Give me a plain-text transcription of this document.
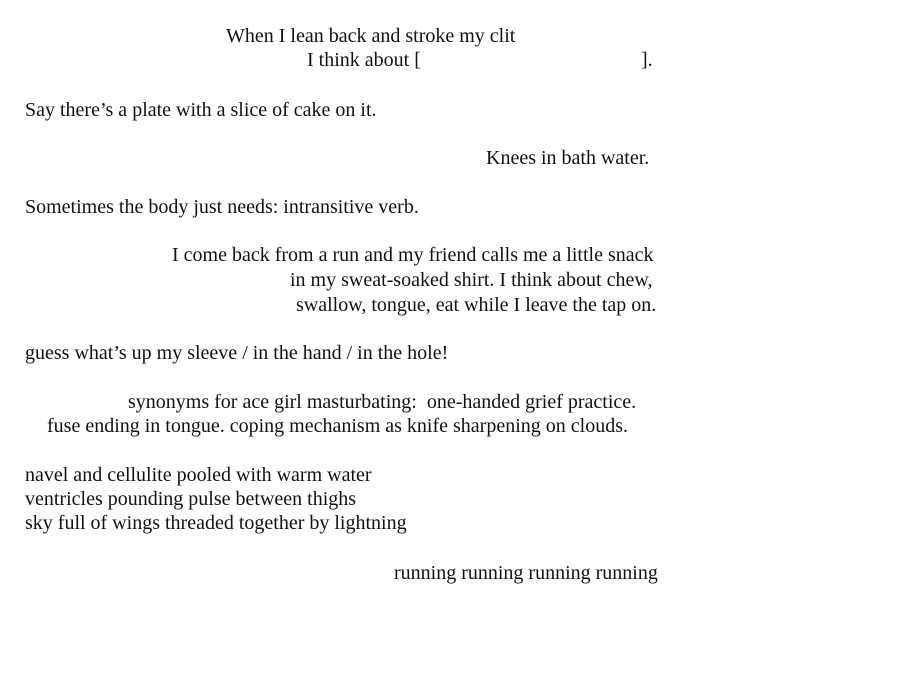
When I lean back and stroke my clit
I think about [	].
Say there’s a plate with a slice of cake on it.
Knees in bath water.
Sometimes the body just needs: intransitive verb.
I come back from a run and my friend calls me a little snack
in my sweat-soaked shirt. I think about chew,
swallow, tongue, eat while I leave the tap on.
guess what’s up my sleeve / in the hand / in the hole!
synonyms for ace girl masturbating:  one-handed grief practice.
fuse ending in tongue. coping mechanism as knife sharpening on clouds.
navel and cellulite pooled with warm water
ventricles pounding pulse between thighs
sky full of wings threaded together by lightning
running running running running
